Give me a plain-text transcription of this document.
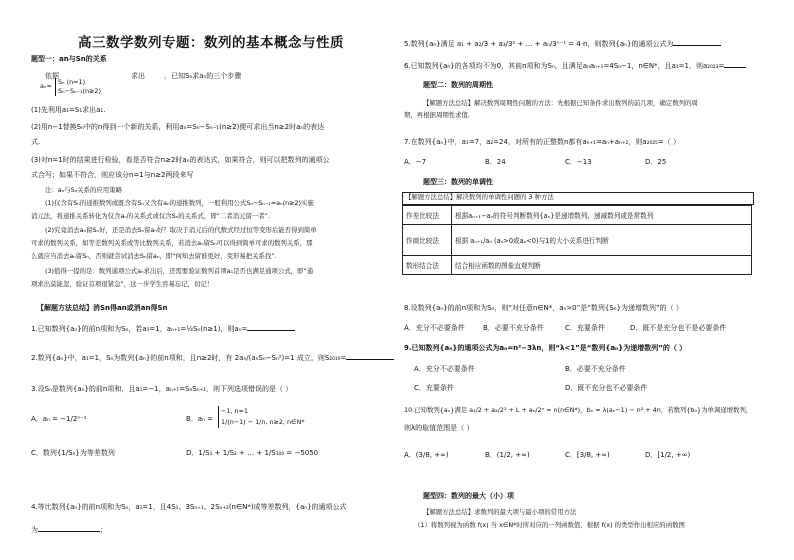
高三数学数列专题：数列的基本概念与性质
题型一：an与Sn的关系
依据
aₙ= Sₙ (n=1)
Sₙ−Sₙ₋₁(n≥2)
求出	，已知Sₙ求aₙ的三个步骤
(1)先利用a₁=S₁求出a₁.
(2)用n−1替换Sₙ中的n得到一个新的关系，利用aₙ=Sₙ−Sₙ₋₁(n≥2)便可求出当n≥2时aₙ的表达
式.
(3)对n=1时的结果进行检验，看是否符合n≥2时aₙ的表达式，如果符合，则可以把数列的通项公
式合写；如果不符合，则应该分n=1与n≥2两段来写
注：aₙ与Sₙ关系的应用策略
(1)仅含有Sₙ的递推数列或既含有Sₙ又含有aₙ的递推数列，一般利用公式Sₙ−Sₙ₋₁=aₙ(n≥2)实施
消元法，将递推关系转化为仅含aₙ的关系式或仅含Sₙ的关系式，即“二者消元留一者”.
(2)究竟消去aₙ留Sₙ好，还是消去Sₙ留aₙ好？取决于消元后的代数式经过恒等变形后能否得到简单
可求的数列关系，如等差数列关系或等比数列关系，若消去aₙ留Sₙ可以得到简单可求的数列关系，那
么就应当消去aₙ留Sₙ，否则就尝试消去Sₙ留aₙ，即“何知去留谁更好，变形易把关系找”.
(3)值得一提的是：数列通项公式aₙ求出后，还需要验证数列首项a₁是否也满足通项公式，即“通
项求出莫能忽，验证首项很紧急”，这一步学生容易忘记，切记！
【解题方法总结】消Sn得an或消an得Sn
1.已知数列{aₙ}的前n项和为Sₙ，若a₁=1，aₙ₊₁=½Sₙ(n≥1)，则aₙ=
2.数列{aₙ}中，a₁=1，Sₙ为数列{aₙ}的前n项和，且n≥2时，有 2aₙ/(aₙSₙ−Sₙ²)=1 成立，则S₂₀₁₉=
3.设Sₙ是数列{aₙ}的前n项和，且a₁=−1，aₙ₊₁=SₙSₙ₊₁，则下列选项错误的是（ ）
A．aₙ = −1/2ⁿ⁻¹	B．aₙ =
−1, n=1
1/(n−1) − 1/n, n≥2, n∈N*
C．数列{1/Sₙ}为等差数列	D．1/S₁ + 1/S₂ + … + 1/S₁₀₀ = −5050
4.等比数列{aₙ}的前n项和为Sₙ，a₁=1，且4S₁、3Sₙ₊₁、2Sₙ₊₂(n∈N*)成等差数列，{aₙ}的通项公式
为	；
5.数列{aₙ}满足 a₁ + a₂/3 + a₃/3² + … + aₙ/3ⁿ⁻¹ = 4·n，则数列{aₙ}的通项公式为
6.已知数列{aₙ}的各项均不为0，其前n项和为Sₙ，且满足aₙaₙ₊₁=4Sₙ−1，n∈N*，且a₁=1，则a₂₀₂₃=
题型二：数列的周期性
【解题方法总结】解决数列周期性问题的方法：先根据已知条件求出数列的前几项，确定数列的周
期，再根据周期性求值.
7.在数列{aₙ}中，a₁=7，a₂=24，对所有的正整数n都有aₙ₊₁=aₙ+aₙ₊₂，则a₂₀₂₅=（ ）
A．−7	B．24	C．−13	D．25
题型三：数列的单调性
【解题方法总结】解决数列的单调性问题的 3 种方法
作差比较法	根据aₙ₊₁−aₙ的符号判断数列{aₙ}是递增数列、递减数列或是常数列
作商比较法	根据 aₙ₊₁/aₙ (aₙ>0或aₙ<0)与1的大小关系进行判断
数形结合法	结合相应函数的图象直观判断
8.设数列{aₙ}的前n项和为Sₙ，则“对任意n∈N*，aₙ>0”是“数列{Sₙ}为递增数列”的（ ）
A．充分不必要条件	B．必要不充分条件	C．充要条件	D．既不是充分也不是必要条件
9.已知数列{aₙ}的通项公式为aₙ=n²−3λn，则“λ<1”是“数列{aₙ}为递增数列”的（ ）
A．充分不必要条件	B．必要不充分条件
C．充要条件	D．既不充分也不必要条件
10.已知数列{aₙ}满足 a₁/2 + a₂/2² + L + aₙ/2ⁿ = n(n∈N*)，bₙ = λ(aₙ−1) − n² + 4n，若数列{bₙ}为单调递增数列，
则λ的取值范围是（ ）
A．(3/8, +∞)	B．(1/2, +∞)	C．[3/8, +∞)	D．[1/2, +∞)
题型四：数列的最大（小）项
【解题方法总结】求数列的最大项与最小项的常用方法
（1）将数列视为函数 f(x) 当 x∈N*时所对应的一列函数值，根据 f(x) 的类型作出相应的函数图
